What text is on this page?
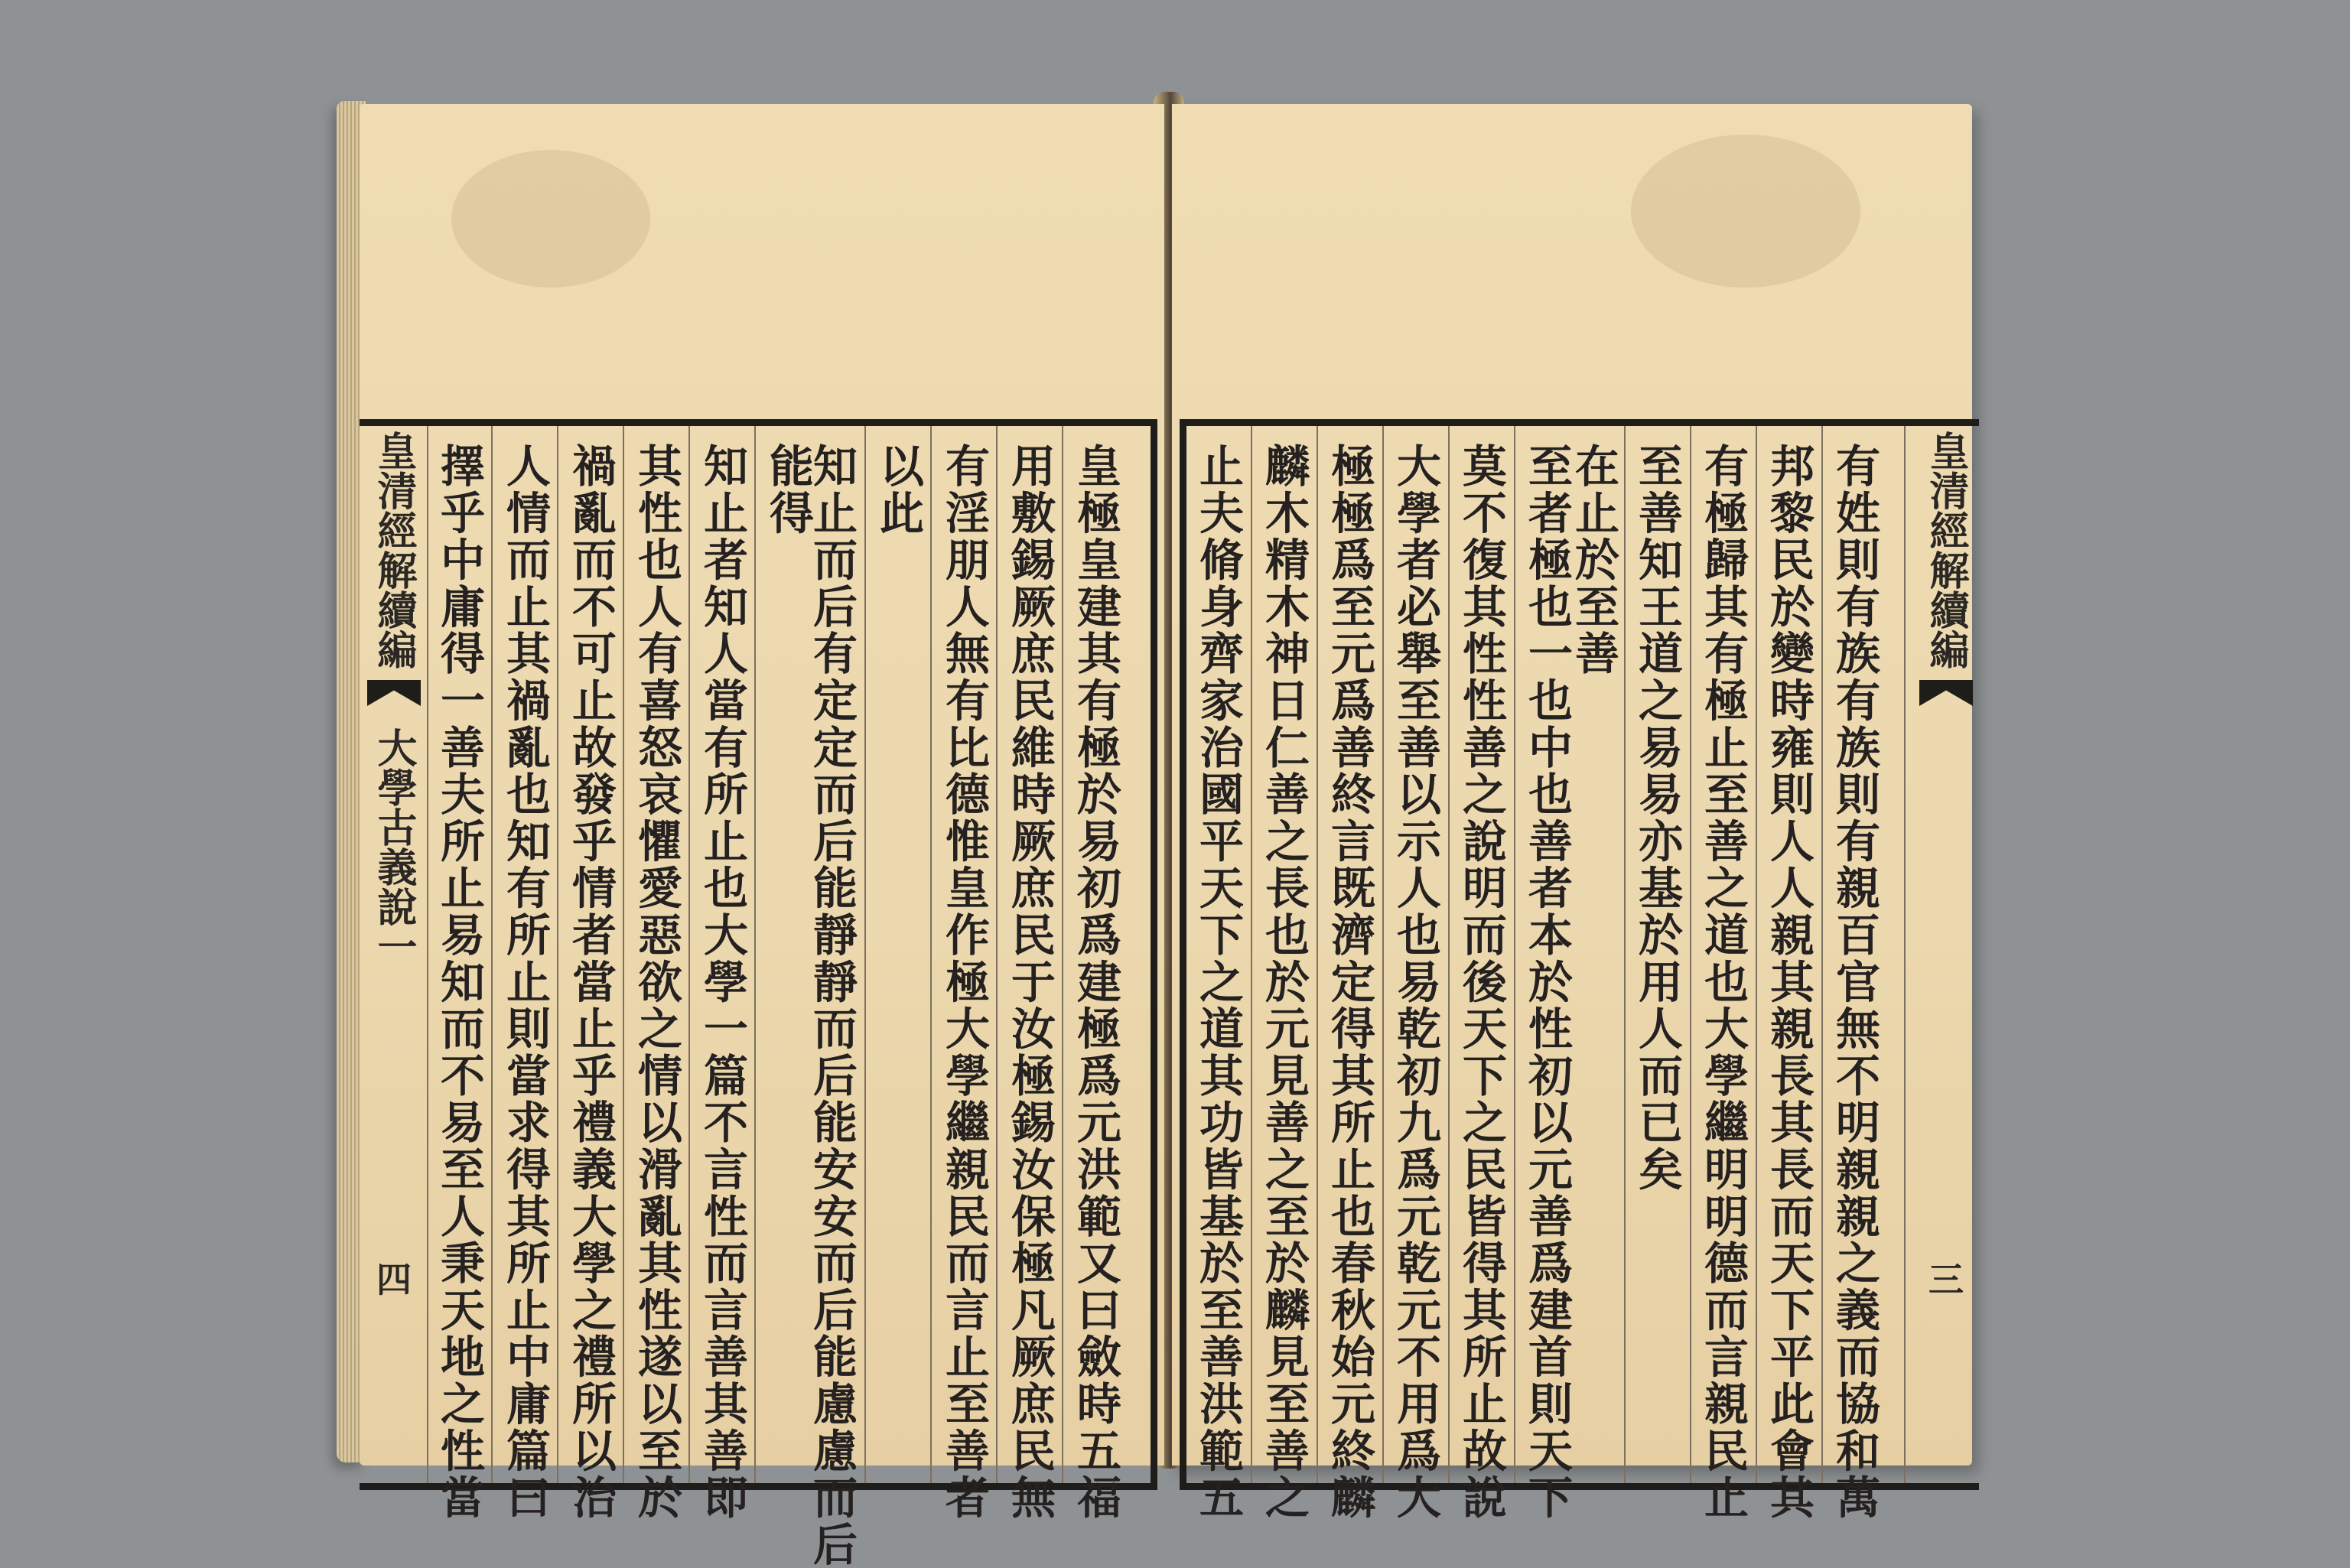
皇清經解續編
大學古義說一
四 擇乎中庸得一善夫所止易知而不易至人秉天地之性當 人情而止其禍亂也知有所止則當求得其所止中庸篇曰 禍亂而不可止故發乎情者當止乎禮義大學之禮所以治 其性也人有喜怒哀懼愛惡欲之情以滑亂其性遂以至於 知止者知人當有所止也大學一篇不言性而言善其善即 能得
知止而后有定定而后能靜靜而后能安安而后能慮慮而后 以此 有淫朋人無有比德惟皇作極大學繼親民而言止至善者 用敷錫厥庶民維時厥庶民于汝極錫汝保極凡厥庶民無 皇極皇建其有極於易初爲建極爲元洪範又曰斂時五福 止夫脩身齊家治國平天下之道其功皆基於至善洪範五 麟木精木神日仁善之長也於元見善之至於麟見至善之 極極爲至元爲善終言既濟定得其所止也春秋始元終麟 大學者必舉至善以示人也易乾初九爲元乾元不用爲大 莫不復其性性善之說明而後天下之民皆得其所止故說 至者極也一也中也善者本於性初以元善爲建首則天下
在止於至善 至善知王道之易易亦基於用人而已矣 有極歸其有極止至善之道也大學繼明明德而言親民止 邦黎民於變時雍則人人親其親長其長而天下平此會其 有姓則有族有族則有親百官無不明親親之義而協和萬 皇清經解續編
三
